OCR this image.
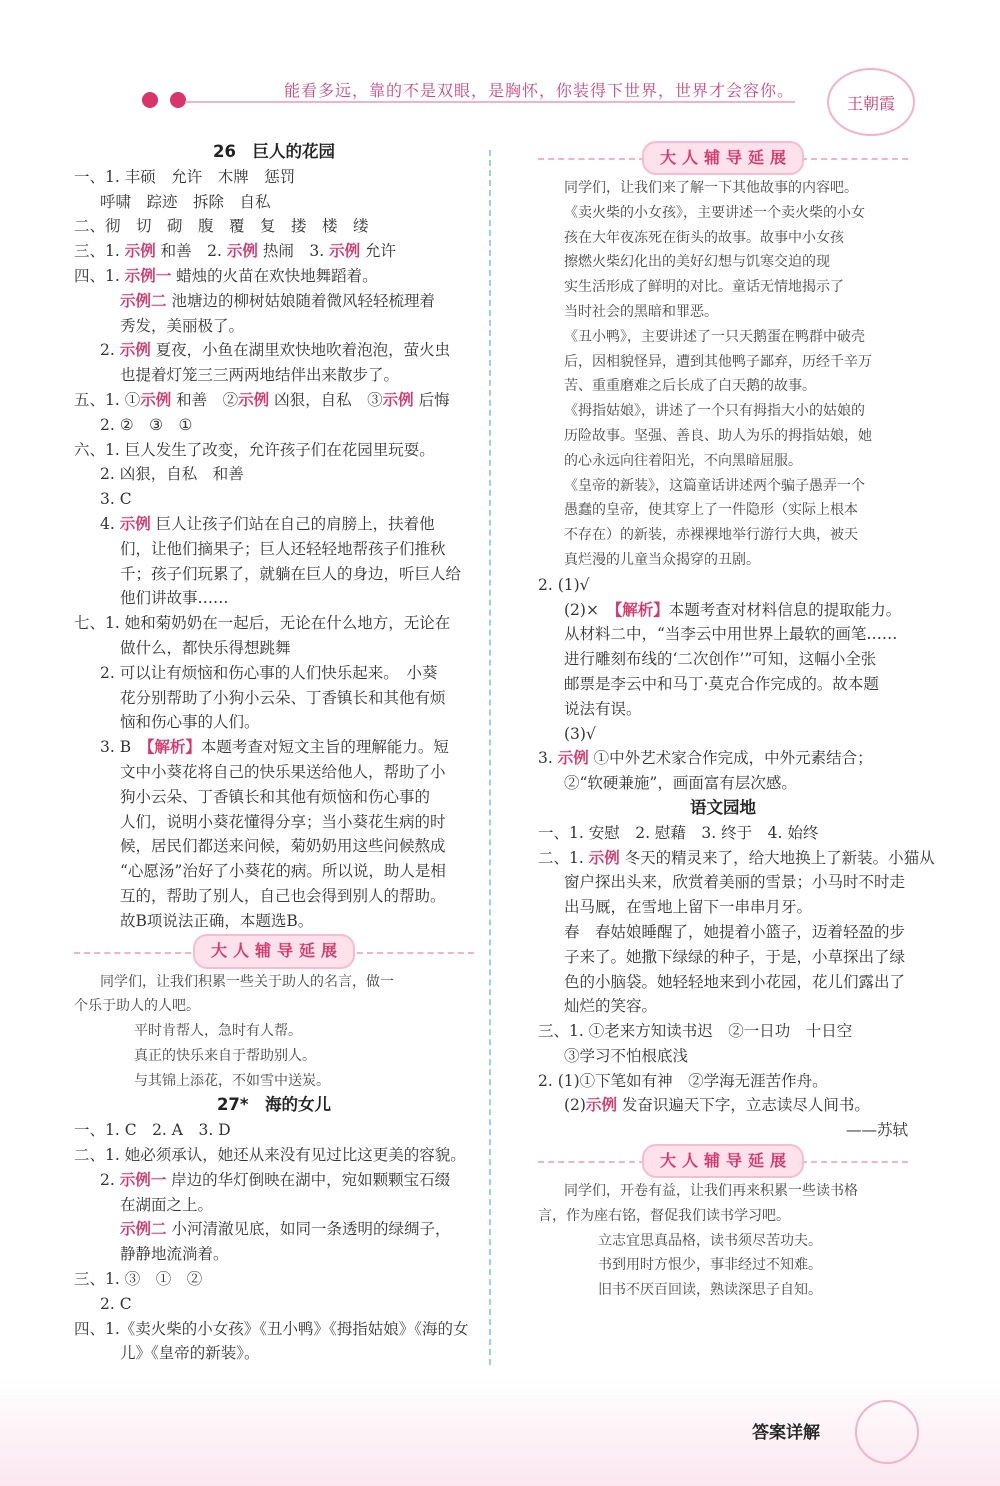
能看多远，靠的不是双眼，是胸怀，你装得下世界，世界才会容你。
王朝霞
26　巨人的花园
一、1. 丰硕　允许　木牌　惩罚
呼啸　踪迹　拆除　自私
二、彻　切　砌　腹　覆　复　搂　楼　缕
三、1. 示例 和善　2. 示例 热闹　3. 示例 允许
四、1. 示例一 蜡烛的火苗在欢快地舞蹈着。
示例二 池塘边的柳树姑娘随着微风轻轻梳理着
秀发，美丽极了。
2. 示例 夏夜，小鱼在湖里欢快地吹着泡泡，萤火虫
也提着灯笼三三两两地结伴出来散步了。
五、1. ①示例 和善　②示例 凶狠，自私　③示例 后悔
2. ②　③　①
六、1. 巨人发生了改变，允许孩子们在花园里玩耍。
2. 凶狠，自私　和善
3. C
4. 示例 巨人让孩子们站在自己的肩膀上，扶着他
们，让他们摘果子；巨人还轻轻地帮孩子们推秋
千；孩子们玩累了，就躺在巨人的身边，听巨人给
他们讲故事……
七、1. 她和菊奶奶在一起后，无论在什么地方，无论在
做什么，都快乐得想跳舞
2. 可以让有烦恼和伤心事的人们快乐起来。　小葵
花分别帮助了小狗小云朵、丁香镇长和其他有烦
恼和伤心事的人们。
3. B　【解析】本题考查对短文主旨的理解能力。短
文中小葵花将自己的快乐果送给他人，帮助了小
狗小云朵、丁香镇长和其他有烦恼和伤心事的
人们，说明小葵花懂得分享；当小葵花生病的时
候，居民们都送来问候，菊奶奶用这些问候熬成
“心愿汤”治好了小葵花的病。所以说，助人是相
互的，帮助了别人，自己也会得到别人的帮助。
故B项说法正确，本题选B。
大人辅导延展
同学们，让我们积累一些关于助人的名言，做一
个乐于助人的人吧。
平时肯帮人，急时有人帮。
真正的快乐来自于帮助别人。
与其锦上添花，不如雪中送炭。
27*　海的女儿
一、1. C　2. A　3. D
二、1. 她必须承认，她还从来没有见过比这更美的容貌。
2. 示例一 岸边的华灯倒映在湖中，宛如颗颗宝石缀
在湖面之上。
示例二 小河清澈见底，如同一条透明的绿绸子，
静静地流淌着。
三、1. ③　①　②
2. C
四、1.《卖火柴的小女孩》《丑小鸭》《拇指姑娘》《海的女
儿》《皇帝的新装》。
大人辅导延展
同学们，让我们来了解一下其他故事的内容吧。
《卖火柴的小女孩》，主要讲述一个卖火柴的小女
孩在大年夜冻死在街头的故事。故事中小女孩
擦燃火柴幻化出的美好幻想与饥寒交迫的现
实生活形成了鲜明的对比。童话无情地揭示了
当时社会的黑暗和罪恶。
《丑小鸭》，主要讲述了一只天鹅蛋在鸭群中破壳
后，因相貌怪异，遭到其他鸭子鄙弃，历经千辛万
苦、重重磨难之后长成了白天鹅的故事。
《拇指姑娘》，讲述了一个只有拇指大小的姑娘的
历险故事。坚强、善良、助人为乐的拇指姑娘，她
的心永远向往着阳光，不向黑暗屈服。
《皇帝的新装》，这篇童话讲述两个骗子愚弄一个
愚蠢的皇帝，使其穿上了一件隐形（实际上根本
不存在）的新装，赤裸裸地举行游行大典，被天
真烂漫的儿童当众揭穿的丑剧。
2. (1)√
(2)×　【解析】本题考查对材料信息的提取能力。
从材料二中，“当李云中用世界上最软的画笔……
进行雕刻布线的‘二次创作’”可知，这幅小全张
邮票是李云中和马丁·莫克合作完成的。故本题
说法有误。
(3)√
3. 示例 ①中外艺术家合作完成，中外元素结合；
②“软硬兼施”，画面富有层次感。
语文园地
一、1. 安慰　2. 慰藉　3. 终于　4. 始终
二、1. 示例 冬天的精灵来了，给大地换上了新装。小猫从
窗户探出头来，欣赏着美丽的雪景；小马时不时走
出马厩，在雪地上留下一串串月牙。
春　春姑娘睡醒了，她提着小篮子，迈着轻盈的步
子来了。她撒下绿绿的种子，于是，小草探出了绿
色的小脑袋。她轻轻地来到小花园，花儿们露出了
灿烂的笑容。
三、1. ①老来方知读书迟　②一日功　十日空
③学习不怕根底浅
2. (1)①下笔如有神　②学海无涯苦作舟。
(2)示例 发奋识遍天下字，立志读尽人间书。
——苏轼
大人辅导延展
同学们，开卷有益，让我们再来积累一些读书格
言，作为座右铭，督促我们读书学习吧。
立志宜思真品格，读书须尽苦功夫。
书到用时方恨少，事非经过不知难。
旧书不厌百回读，熟读深思子自知。
答案详解
